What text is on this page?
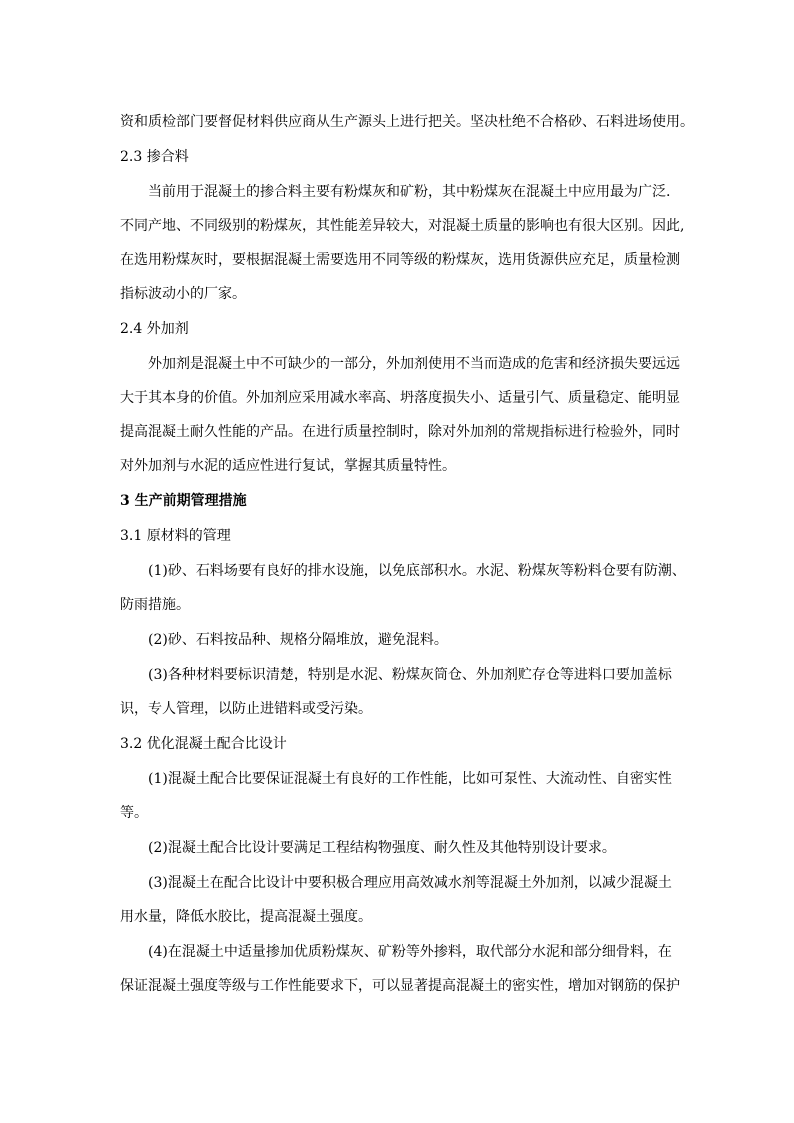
资和质检部门要督促材料供应商从生产源头上进行把关。坚决杜绝不合格砂、石料进场使用。
2.3 掺合料
当前用于混凝土的掺合料主要有粉煤灰和矿粉，其中粉煤灰在混凝土中应用最为广泛.
不同产地、不同级别的粉煤灰，其性能差异较大，对混凝土质量的影响也有很大区别。因此,
在选用粉煤灰时，要根据混凝土需要选用不同等级的粉煤灰，选用货源供应充足，质量检测
指标波动小的厂家。
2.4 外加剂
外加剂是混凝土中不可缺少的一部分，外加剂使用不当而造成的危害和经济损失要远远
大于其本身的价值。外加剂应采用减水率高、坍落度损失小、适量引气、质量稳定、能明显
提高混凝土耐久性能的产品。在进行质量控制时，除对外加剂的常规指标进行检验外，同时
对外加剂与水泥的适应性进行复试，掌握其质量特性。
3 生产前期管理措施
3.1 原材料的管理
(1)砂、石料场要有良好的排水设施，以免底部积水。水泥、粉煤灰等粉料仓要有防潮、
防雨措施。
(2)砂、石料按品种、规格分隔堆放，避免混料。
(3)各种材料要标识清楚，特别是水泥、粉煤灰筒仓、外加剂贮存仓等进料口要加盖标
识，专人管理，以防止进错料或受污染。
3.2 优化混凝土配合比设计
(1)混凝土配合比要保证混凝土有良好的工作性能，比如可泵性、大流动性、自密实性
等。
(2)混凝土配合比设计要满足工程结构物强度、耐久性及其他特别设计要求。
(3)混凝土在配合比设计中要积极合理应用高效减水剂等混凝土外加剂，以减少混凝土
用水量，降低水胶比，提高混凝土强度。
(4)在混凝土中适量掺加优质粉煤灰、矿粉等外掺料，取代部分水泥和部分细骨料，在
保证混凝土强度等级与工作性能要求下，可以显著提高混凝土的密实性，增加对钢筋的保护
